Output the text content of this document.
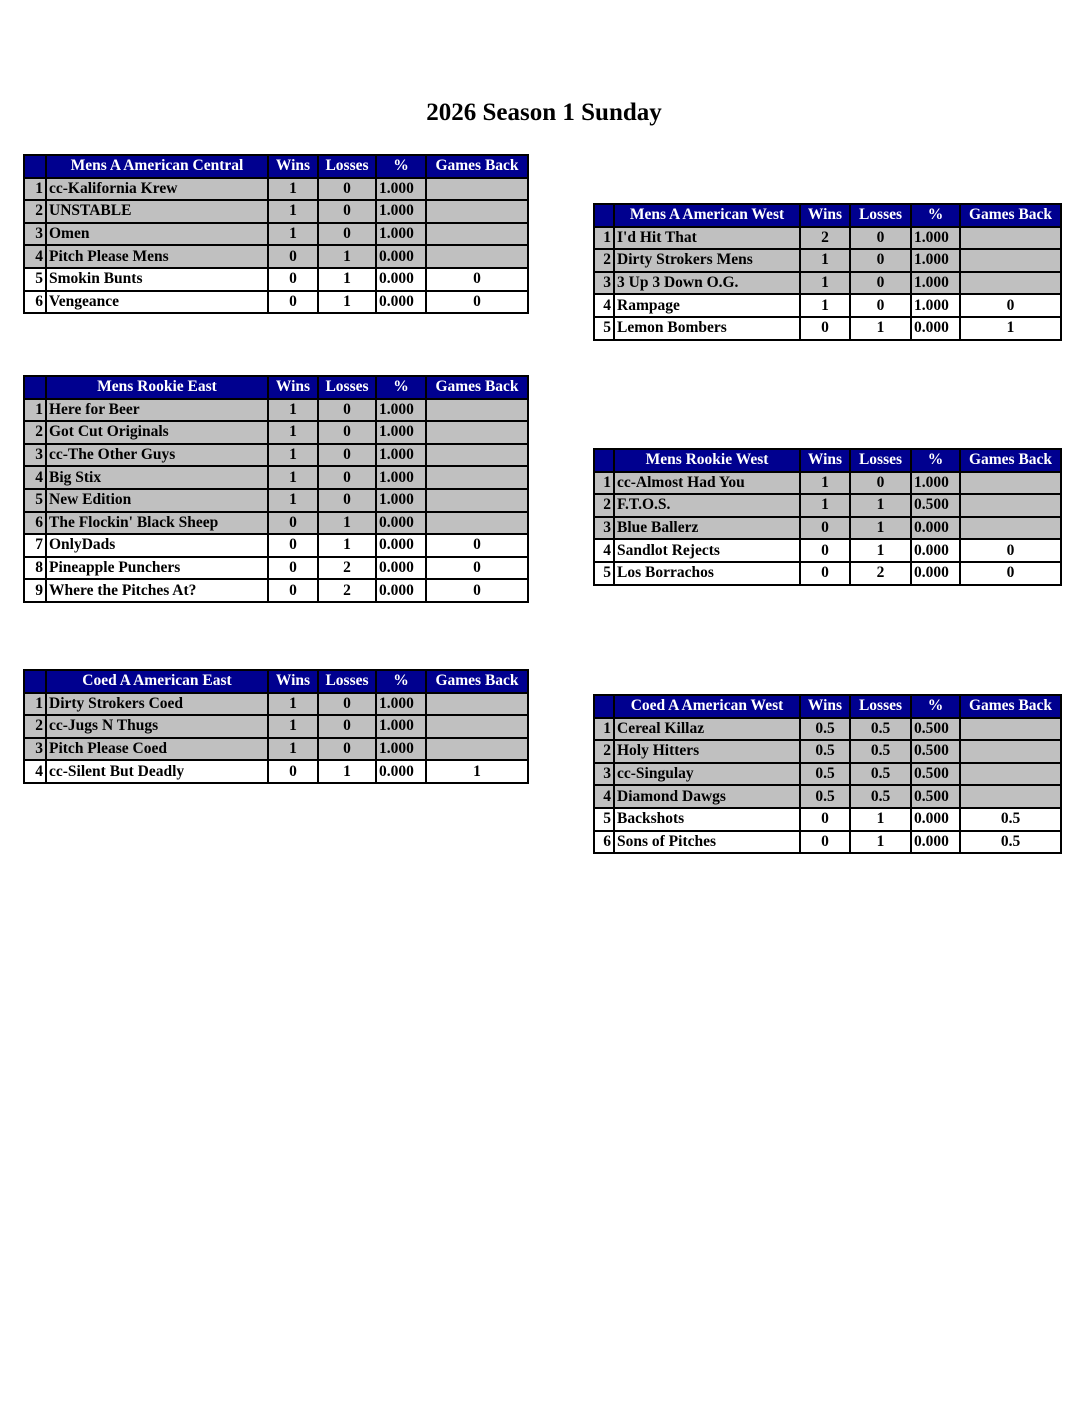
2026 Season 1 Sunday
	Mens A American Central	Wins	Losses	%	Games Back
1	cc-Kalifornia Krew	1	0	1.000	
2	UNSTABLE	1	0	1.000	
3	Omen	1	0	1.000	
4	Pitch Please Mens	0	1	0.000	
5	Smokin Bunts	0	1	0.000	0
6	Vengeance	0	1	0.000	0
	Mens A American West	Wins	Losses	%	Games Back
1	I'd Hit That	2	0	1.000	
2	Dirty Strokers Mens	1	0	1.000	
3	3 Up 3 Down O.G.	1	0	1.000	
4	Rampage	1	0	1.000	0
5	Lemon Bombers	0	1	0.000	1
	Mens Rookie East	Wins	Losses	%	Games Back
1	Here for Beer	1	0	1.000	
2	Got Cut Originals	1	0	1.000	
3	cc-The Other Guys	1	0	1.000	
4	Big Stix	1	0	1.000	
5	New Edition	1	0	1.000	
6	The Flockin' Black Sheep	0	1	0.000	
7	OnlyDads	0	1	0.000	0
8	Pineapple Punchers	0	2	0.000	0
9	Where the Pitches At?	0	2	0.000	0
	Mens Rookie West	Wins	Losses	%	Games Back
1	cc-Almost Had You	1	0	1.000	
2	F.T.O.S.	1	1	0.500	
3	Blue Ballerz	0	1	0.000	
4	Sandlot Rejects	0	1	0.000	0
5	Los Borrachos	0	2	0.000	0
	Coed A American East	Wins	Losses	%	Games Back
1	Dirty Strokers Coed	1	0	1.000	
2	cc-Jugs N Thugs	1	0	1.000	
3	Pitch Please Coed	1	0	1.000	
4	cc-Silent But Deadly	0	1	0.000	1
	Coed A American West	Wins	Losses	%	Games Back
1	Cereal Killaz	0.5	0.5	0.500	
2	Holy Hitters	0.5	0.5	0.500	
3	cc-Singulay	0.5	0.5	0.500	
4	Diamond Dawgs	0.5	0.5	0.500	
5	Backshots	0	1	0.000	0.5
6	Sons of Pitches	0	1	0.000	0.5
